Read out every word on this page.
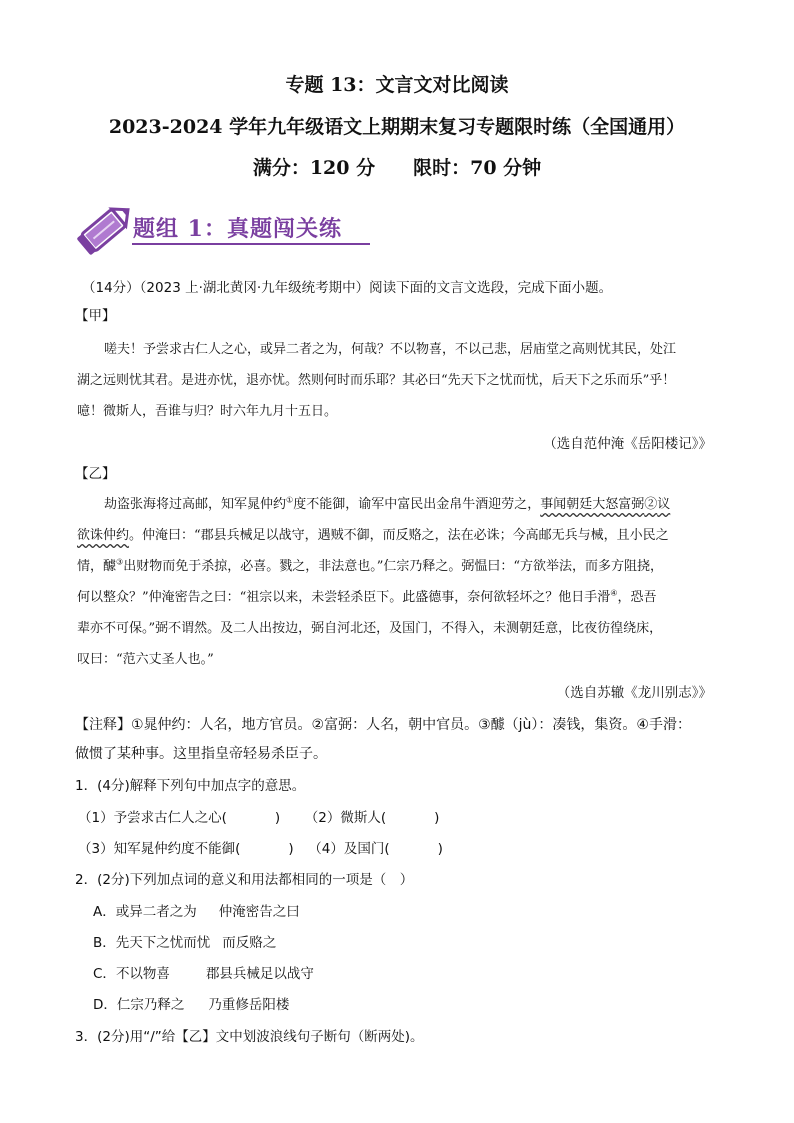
专题 13：文言文对比阅读
2023-2024 学年九年级语文上期期末复习专题限时练（全国通用）
满分：120 分　　限时：70 分钟
题组 1：真题闯关练
（14分）（2023 上·湖北黄冈·九年级统考期中）阅读下面的文言文选段，完成下面小题。
【甲】
嗟夫！予尝求古仁人之心，或异二者之为，何哉？不以物喜，不以己悲，居庙堂之高则忧其民，处江
湖之远则忧其君。是进亦忧，退亦忧。然则何时而乐耶？其必曰“先天下之忧而忧，后天下之乐而乐”乎！
噫！微斯人，吾谁与归？时六年九月十五日。
（选自范仲淹《岳阳楼记》》
【乙】
劫盗张海将过高邮，知军晁仲约①度不能御，谕军中富民出金帛牛酒迎劳之，事闻朝廷大怒富弼②议
欲诛仲约。仲淹曰：“郡县兵械足以战守，遇贼不御，而反赂之，法在必诛；今高邮无兵与械，且小民之
情，醵③出财物而免于杀掠，必喜。戮之，非法意也。”仁宗乃释之。弼愠曰：“方欲举法，而多方阻挠，
何以整众？”仲淹密告之曰：“祖宗以来，未尝轻杀臣下。此盛德事，奈何欲轻坏之？他日手滑④，恐吾
辈亦不可保。”弼不谓然。及二人出按边，弼自河北还，及国门，不得入，未测朝廷意，比夜彷徨绕床，
叹曰：“范六丈圣人也。”
（选自苏辙《龙川别志》》
【注释】①晁仲约：人名，地方官员。②富弼：人名，朝中官员。③醵（jù）：凑钱，集资。④手滑：
做惯了某种事。这里指皇帝轻易杀臣子。
1．(4分)解释下列句中加点字的意思。
（1）予尝求古仁人之心(	) （2）微斯人(	)
（3）知军晁仲约度不能御(	) （4）及国门(	)
2．(2分)下列加点词的意义和用法都相同的一项是（　）
A．或异二者之为 仲淹密告之曰
B．先天下之忧而忧 而反赂之
C．不以物喜	郡县兵械足以战守
D．仁宗乃释之 乃重修岳阳楼
3．(2分)用“/”给【乙】文中划波浪线句子断句（断两处)。
